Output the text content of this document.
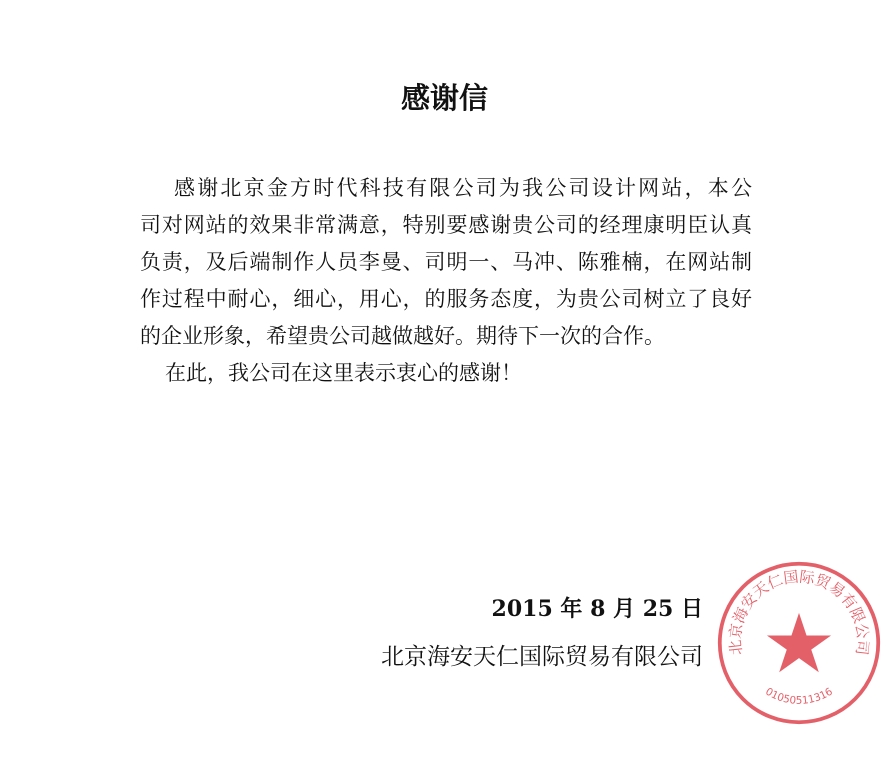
感谢信
感谢北京金方时代科技有限公司为我公司设计网站，本公
司对网站的效果非常满意，特别要感谢贵公司的经理康明臣认真
负责，及后端制作人员李曼、司明一、马冲、陈雅楠，在网站制
作过程中耐心，细心，用心，的服务态度，为贵公司树立了良好
的企业形象，希望贵公司越做越好。期待下一次的合作。
在此，我公司在这里表示衷心的感谢！
2015 年 8 月 25 日
北京海安天仁国际贸易有限公司 北京海安天仁国际贸易有限公司
01050511316
